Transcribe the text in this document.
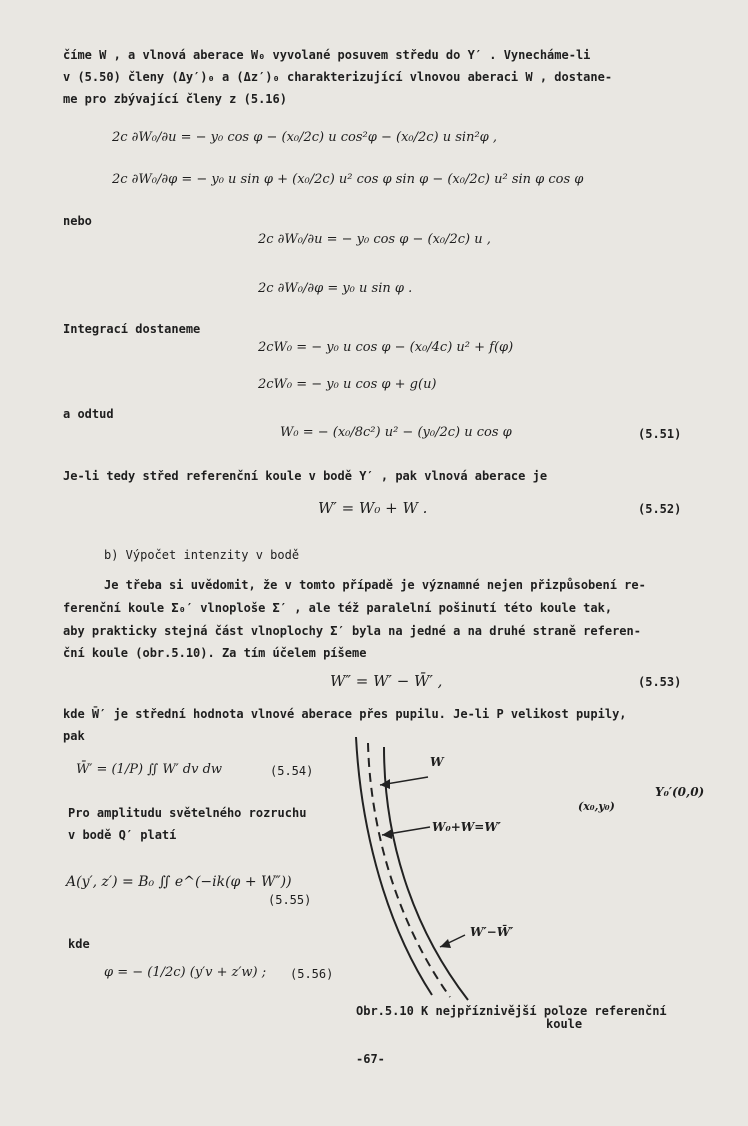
číme W , a vlnová aberace W₀ vyvolané posuvem středu do Y′ . Vynecháme-li
v (5.50) členy (Δy′)₀ a (Δz′)₀ charakterizující vlnovou aberaci W , dostane-
me pro zbývající členy z (5.16)
2c ∂W₀/∂u = − y₀ cos φ − (x₀/2c) u cos²φ − (x₀/2c) u sin²φ ,
2c ∂W₀/∂φ = − y₀ u sin φ + (x₀/2c) u² cos φ sin φ − (x₀/2c) u² sin φ cos φ
nebo
2c ∂W₀/∂u = − y₀ cos φ − (x₀/2c) u ,
2c ∂W₀/∂φ = y₀ u sin φ .
Integrací dostaneme
2cW₀ = − y₀ u cos φ − (x₀/4c) u² + f(φ)
2cW₀ = − y₀ u cos φ + g(u)
a odtud
W₀ = − (x₀/8c²) u² − (y₀/2c) u cos φ	(5.51)
Je-li tedy střed referenční koule v bodě Y′ , pak vlnová aberace je
W′ = W₀ + W .	(5.52)
b) Výpočet intenzity v bodě
Je třeba si uvědomit, že v tomto případě je významné nejen přizpůsobení re-
ferenční koule Σ₀′ vlnoploše Σ′ , ale též paralelní pošinutí této koule tak,
aby prakticky stejná část vlnoplochy Σ′ byla na jedné a na druhé straně referen-
ční koule (obr.5.10). Za tím účelem píšeme
W″ = W′ − W̄′ ,	(5.53)
kde W̄′ je střední hodnota vlnové aberace přes pupilu. Je-li P velikost pupily,
pak
W̄′ = (1/P) ∬ W′ dv dw	(5.54)
Pro amplitudu světelného rozruchu
v bodě Q′ platí
A(y′, z′) = B₀ ∬ e^(−ik(φ + W″))
(5.55)
kde
φ = − (1/2c) (y′v + z′w) ; (5.56)
W
W₀+W=W′
W′−W̄′
(x₀,y₀)
Y₀′(0,0)
Obr.5.10 K nejpříznivější poloze referenční
koule
-67-
